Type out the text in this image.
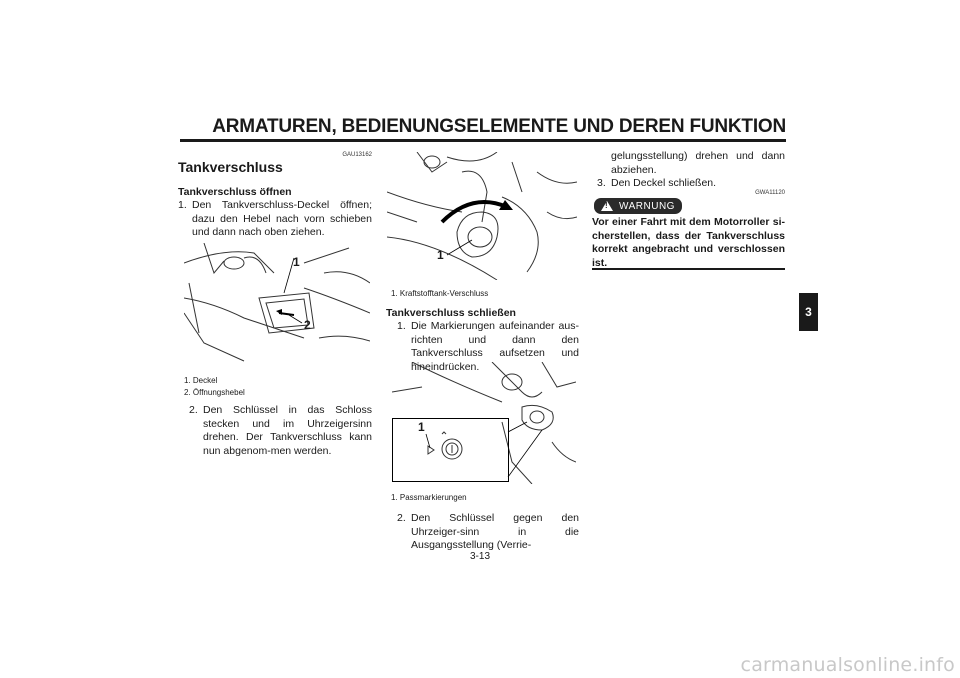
ARMATUREN, BEDIENUNGSELEMENTE UND DEREN FUNKTION
3
GAU13162
Tankverschluss
Tankverschluss öffnen
1. Den Tankverschluss-Deckel öffnen; dazu den Hebel nach vorn schieben und dann nach oben ziehen.
1
2
1. Deckel
2. Öffnungshebel
2. Den Schlüssel in das Schloss stecken und im Uhrzeigersinn drehen. Der Tankverschluss kann nun abgenom-men werden.
1
1. Kraftstofftank-Verschluss
Tankverschluss schließen
1. Die Markierungen aufeinander aus-richten und dann den Tankverschluss aufsetzen und hineindrücken.
1
1. Passmarkierungen
2. Den Schlüssel gegen den Uhrzeiger-sinn in die Ausgangsstellung (Verrie-
gelungsstellung) drehen und dann abziehen.
3. Den Deckel schließen.
GWA11120
!
WARNUNG
Vor einer Fahrt mit dem Motorroller si-cherstellen, dass der Tankverschluss korrekt angebracht und verschlossen ist.
3-13
carmanualsonline.info
